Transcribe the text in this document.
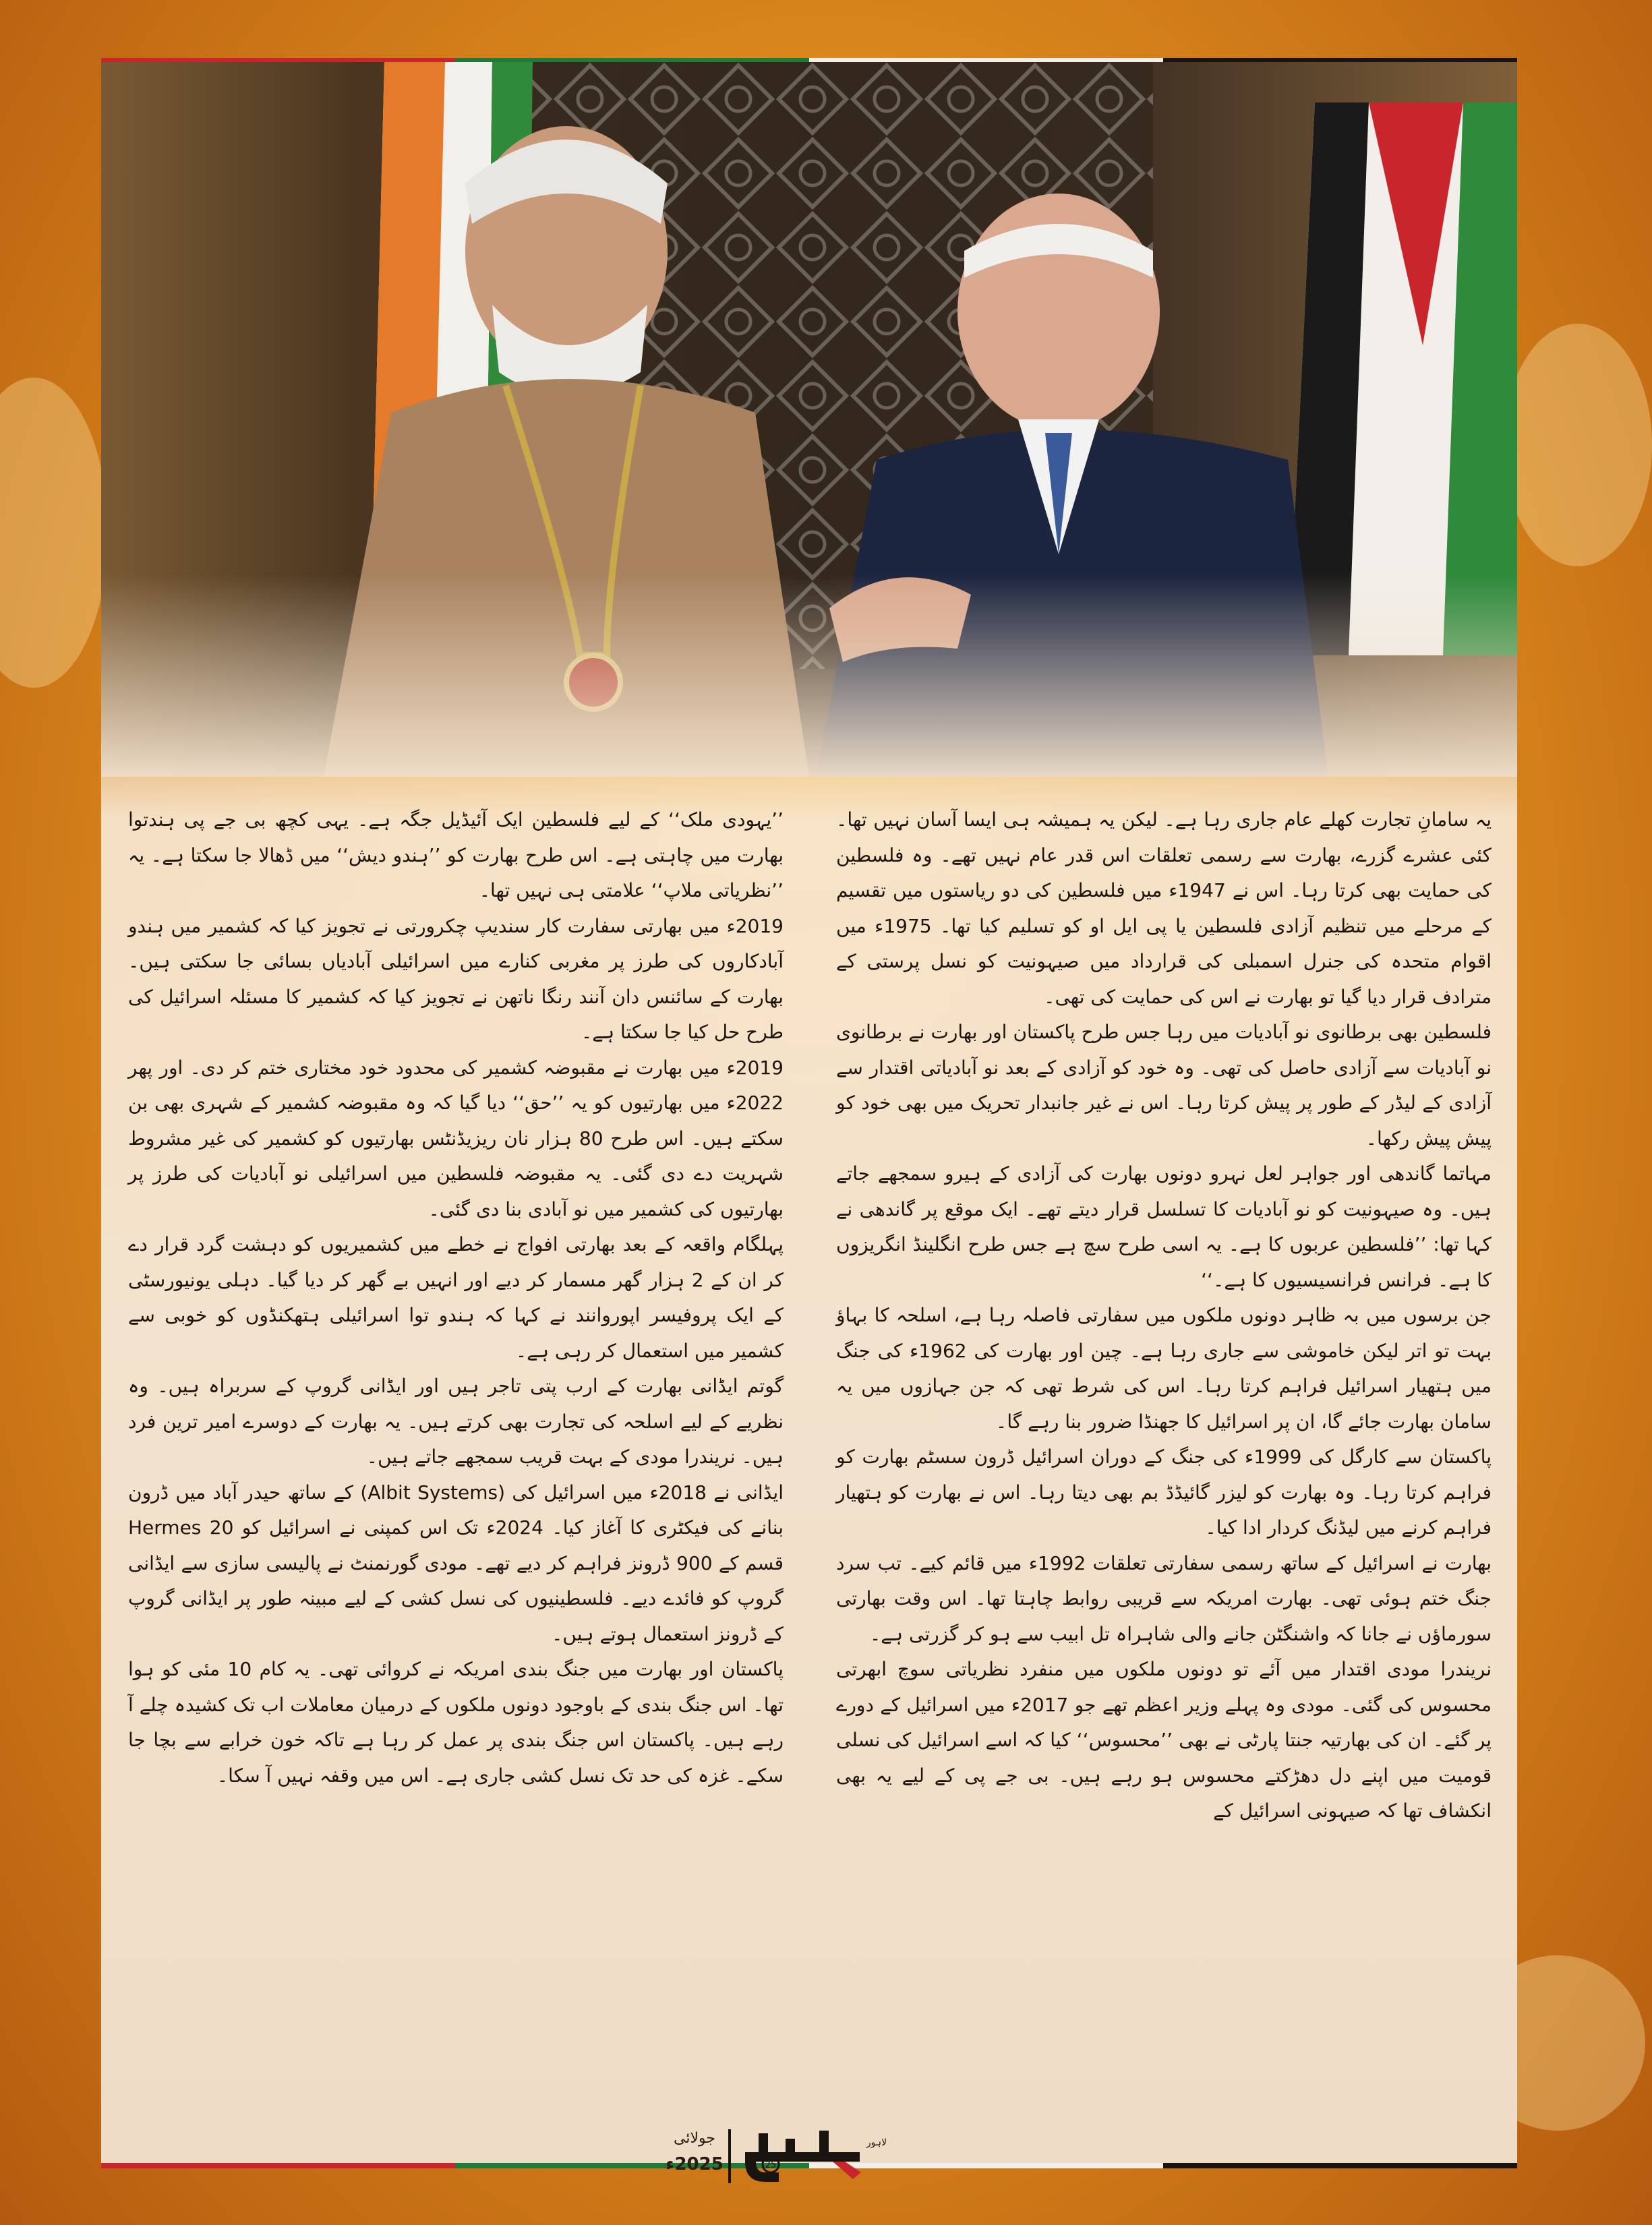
یہ سامانِ تجارت کھلے عام جاری رہا ہے۔ لیکن یہ ہمیشہ ہی ایسا آسان نہیں تھا۔ کئی عشرے گزرے، بھارت سے رسمی تعلقات اس قدر عام نہیں تھے۔ وہ فلسطین کی حمایت بھی کرتا رہا۔ اس نے 1947ء میں فلسطین کی دو ریاستوں میں تقسیم کے مرحلے میں تنظیم آزادی فلسطین یا پی ایل او کو تسلیم کیا تھا۔ 1975ء میں اقوام متحدہ کی جنرل اسمبلی کی قرارداد میں صیہونیت کو نسل پرستی کے مترادف قرار دیا گیا تو بھارت نے اس کی حمایت کی تھی۔

فلسطین بھی برطانوی نو آبادیات میں رہا جس طرح پاکستان اور بھارت نے برطانوی نو آبادیات سے آزادی حاصل کی تھی۔ وہ خود کو آزادی کے بعد نو آبادیاتی اقتدار سے آزادی کے لیڈر کے طور پر پیش کرتا رہا۔ اس نے غیر جانبدار تحریک میں بھی خود کو پیش پیش رکھا۔

مہاتما گاندھی اور جواہر لعل نہرو دونوں بھارت کی آزادی کے ہیرو سمجھے جاتے ہیں۔ وہ صیہونیت کو نو آبادیات کا تسلسل قرار دیتے تھے۔ ایک موقع پر گاندھی نے کہا تھا: ’’فلسطین عربوں کا ہے۔ یہ اسی طرح سچ ہے جس طرح انگلینڈ انگریزوں کا ہے۔ فرانس فرانسیسیوں کا ہے۔‘‘

جن برسوں میں بہ ظاہر دونوں ملکوں میں سفارتی فاصلہ رہا ہے، اسلحہ کا بہاؤ بہت تو اتر لیکن خاموشی سے جاری رہا ہے۔ چین اور بھارت کی 1962ء کی جنگ میں ہتھیار اسرائیل فراہم کرتا رہا۔ اس کی شرط تھی کہ جن جہازوں میں یہ سامان بھارت جائے گا، ان پر اسرائیل کا جھنڈا ضرور بنا رہے گا۔

پاکستان سے کارگل کی 1999ء کی جنگ کے دوران اسرائیل ڈرون سسٹم بھارت کو فراہم کرتا رہا۔ وہ بھارت کو لیزر گائیڈڈ بم بھی دیتا رہا۔ اس نے بھارت کو ہتھیار فراہم کرنے میں لیڈنگ کردار ادا کیا۔

بھارت نے اسرائیل کے ساتھ رسمی سفارتی تعلقات 1992ء میں قائم کیے۔ تب سرد جنگ ختم ہوئی تھی۔ بھارت امریکہ سے قریبی روابط چاہتا تھا۔ اس وقت بھارتی سورماؤں نے جانا کہ واشنگٹن جانے والی شاہراہ تل ابیب سے ہو کر گزرتی ہے۔

نریندرا مودی اقتدار میں آئے تو دونوں ملکوں میں منفرد نظریاتی سوچ ابھرتی محسوس کی گئی۔ مودی وہ پہلے وزیر اعظم تھے جو 2017ء میں اسرائیل کے دورے پر گئے۔ ان کی بھارتیہ جنتا پارٹی نے بھی ’’محسوس‘‘ کیا کہ اسے اسرائیل کی نسلی قومیت میں اپنے دل دھڑکتے محسوس ہو رہے ہیں۔ بی جے پی کے لیے یہ بھی انکشاف تھا کہ صیہونی اسرائیل کے

’’یہودی ملک‘‘ کے لیے فلسطین ایک آئیڈیل جگہ ہے۔ یہی کچھ بی جے پی ہندتوا بھارت میں چاہتی ہے۔ اس طرح بھارت کو ’’ہندو دیش‘‘ میں ڈھالا جا سکتا ہے۔ یہ ’’نظریاتی ملاپ‘‘ علامتی ہی نہیں تھا۔

2019ء میں بھارتی سفارت کار سندیپ چکرورتی نے تجویز کیا کہ کشمیر میں ہندو آبادکاروں کی طرز پر مغربی کنارے میں اسرائیلی آبادیاں بسائی جا سکتی ہیں۔ بھارت کے سائنس دان آنند رنگا ناتھن نے تجویز کیا کہ کشمیر کا مسئلہ اسرائیل کی طرح حل کیا جا سکتا ہے۔

2019ء میں بھارت نے مقبوضہ کشمیر کی محدود خود مختاری ختم کر دی۔ اور پھر 2022ء میں بھارتیوں کو یہ ’’حق‘‘ دیا گیا کہ وہ مقبوضہ کشمیر کے شہری بھی بن سکتے ہیں۔ اس طرح 80 ہزار نان ریزیڈنٹس بھارتیوں کو کشمیر کی غیر مشروط شہریت دے دی گئی۔ یہ مقبوضہ فلسطین میں اسرائیلی نو آبادیات کی طرز پر بھارتیوں کی کشمیر میں نو آبادی بنا دی گئی۔

پہلگام واقعہ کے بعد بھارتی افواج نے خطے میں کشمیریوں کو دہشت گرد قرار دے کر ان کے 2 ہزار گھر مسمار کر دیے اور انہیں بے گھر کر دیا گیا۔ دہلی یونیورسٹی کے ایک پروفیسر اپوروانند نے کہا کہ ہندو توا اسرائیلی ہتھکنڈوں کو خوبی سے کشمیر میں استعمال کر رہی ہے۔

گوتم ایڈانی بھارت کے ارب پتی تاجر ہیں اور ایڈانی گروپ کے سربراہ ہیں۔ وہ نظریے کے لیے اسلحہ کی تجارت بھی کرتے ہیں۔ یہ بھارت کے دوسرے امیر ترین فرد ہیں۔ نریندرا مودی کے بہت قریب سمجھے جاتے ہیں۔

ایڈانی نے 2018ء میں اسرائیل کی (Albit Systems) کے ساتھ حیدر آباد میں ڈرون بنانے کی فیکٹری کا آغاز کیا۔ 2024ء تک اس کمپنی نے اسرائیل کو Hermes 20 قسم کے 900 ڈرونز فراہم کر دیے تھے۔ مودی گورنمنٹ نے پالیسی سازی سے ایڈانی گروپ کو فائدے دیے۔ فلسطینیوں کی نسل کشی کے لیے مبینہ طور پر ایڈانی گروپ کے ڈرونز استعمال ہوتے ہیں۔

پاکستان اور بھارت میں جنگ بندی امریکہ نے کروائی تھی۔ یہ کام 10 مئی کو ہوا تھا۔ اس جنگ بندی کے باوجود دونوں ملکوں کے درمیان معاملات اب تک کشیدہ چلے آ رہے ہیں۔ پاکستان اس جنگ بندی پر عمل کر رہا ہے تاکہ خون خرابے سے بچا جا سکے۔ غزہ کی حد تک نسل کشی جاری ہے۔ اس میں وقفہ نہیں آ سکا۔

جولائی
2025ء	25
لاہور
